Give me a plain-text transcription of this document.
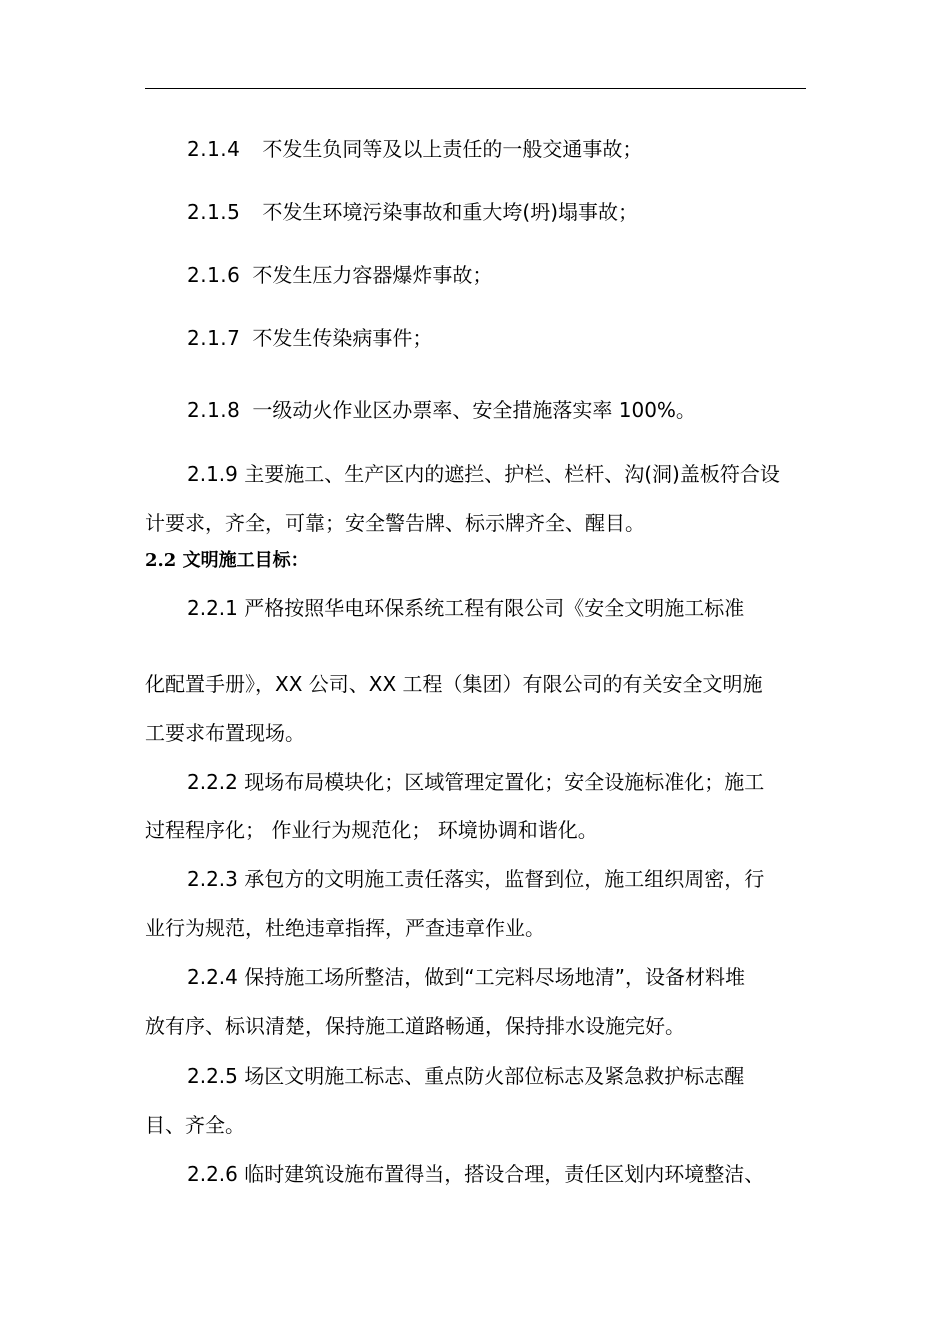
2.1.4 不发生负同等及以上责任的一般交通事故；
2.1.5 不发生环境污染事故和重大垮(坍)塌事故；
2.1.6 不发生压力容器爆炸事故；
2.1.7 不发生传染病事件；
2.1.8 一级动火作业区办票率、安全措施落实率 100%。
2.1.9 主要施工、生产区内的遮拦、护栏、栏杆、沟(洞)盖板符合设
计要求，齐全，可靠；安全警告牌、标示牌齐全、醒目。
2.2 文明施工目标：
2.2.1 严格按照华电环保系统工程有限公司《安全文明施工标准
化配置手册》，XX 公司、XX 工程（集团）有限公司的有关安全文明施
工要求布置现场。
2.2.2 现场布局模块化；区域管理定置化；安全设施标准化；施工
过程程序化； 作业行为规范化； 环境协调和谐化。
2.2.3 承包方的文明施工责任落实，监督到位，施工组织周密，行
业行为规范，杜绝违章指挥，严查违章作业。
2.2.4 保持施工场所整洁，做到“工完料尽场地清”，设备材料堆
放有序、标识清楚，保持施工道路畅通，保持排水设施完好。
2.2.5 场区文明施工标志、重点防火部位标志及紧急救护标志醒
目、齐全。
2.2.6 临时建筑设施布置得当，搭设合理，责任区划内环境整洁、
